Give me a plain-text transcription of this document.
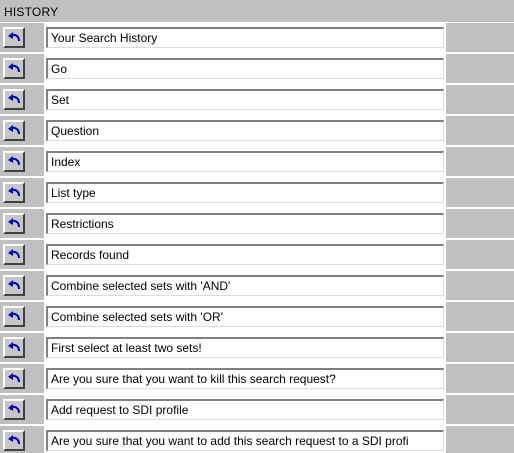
HISTORY
Your Search History
Go
Set
Question
Index
List type
Restrictions
Records found
Combine selected sets with 'AND'
Combine selected sets with 'OR'
First select at least two sets!
Are you sure that you want to kill this search request?
Add request to SDI profile
Are you sure that you want to add this search request to a SDI profi
